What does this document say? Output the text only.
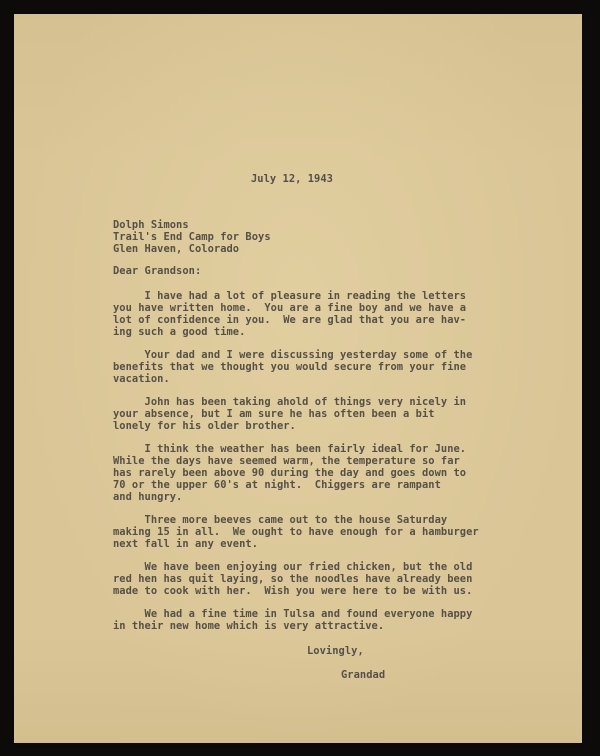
July 12, 1943
Dolph Simons
Trail's End Camp for Boys
Glen Haven, Colorado
Dear Grandson:
I have had a lot of pleasure in reading the letters
you have written home.  You are a fine boy and we have a
lot of confidence in you.  We are glad that you are hav-
ing such a good time.
Your dad and I were discussing yesterday some of the
benefits that we thought you would secure from your fine
vacation.
John has been taking ahold of things very nicely in
your absence, but I am sure he has often been a bit
lonely for his older brother.
I think the weather has been fairly ideal for June.
While the days have seemed warm, the temperature so far
has rarely been above 90 during the day and goes down to
70 or the upper 60's at night.  Chiggers are rampant
and hungry.
Three more beeves came out to the house Saturday
making 15 in all.  We ought to have enough for a hamburger
next fall in any event.
We have been enjoying our fried chicken, but the old
red hen has quit laying, so the noodles have already been
made to cook with her.  Wish you were here to be with us.
We had a fine time in Tulsa and found everyone happy
in their new home which is very attractive.
Lovingly,
Grandad
